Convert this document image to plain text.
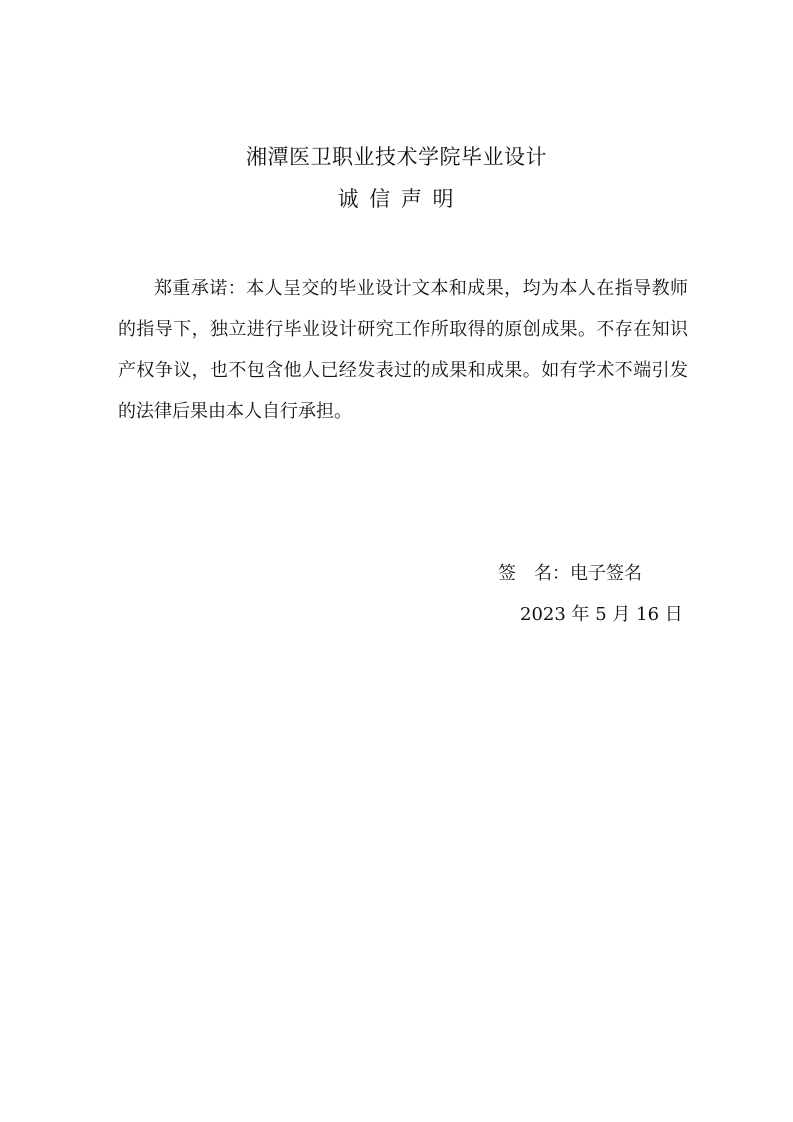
湘潭医卫职业技术学院毕业设计
诚 信 声 明

郑重承诺：本人呈交的毕业设计文本和成果，均为本人在指导教师的指导下，独立进行毕业设计研究工作所取得的原创成果。不存在知识产权争议，也不包含他人已经发表过的成果和成果。如有学术不端引发的法律后果由本人自行承担。

签　名：电子签名
2023 年 5 月 16 日
